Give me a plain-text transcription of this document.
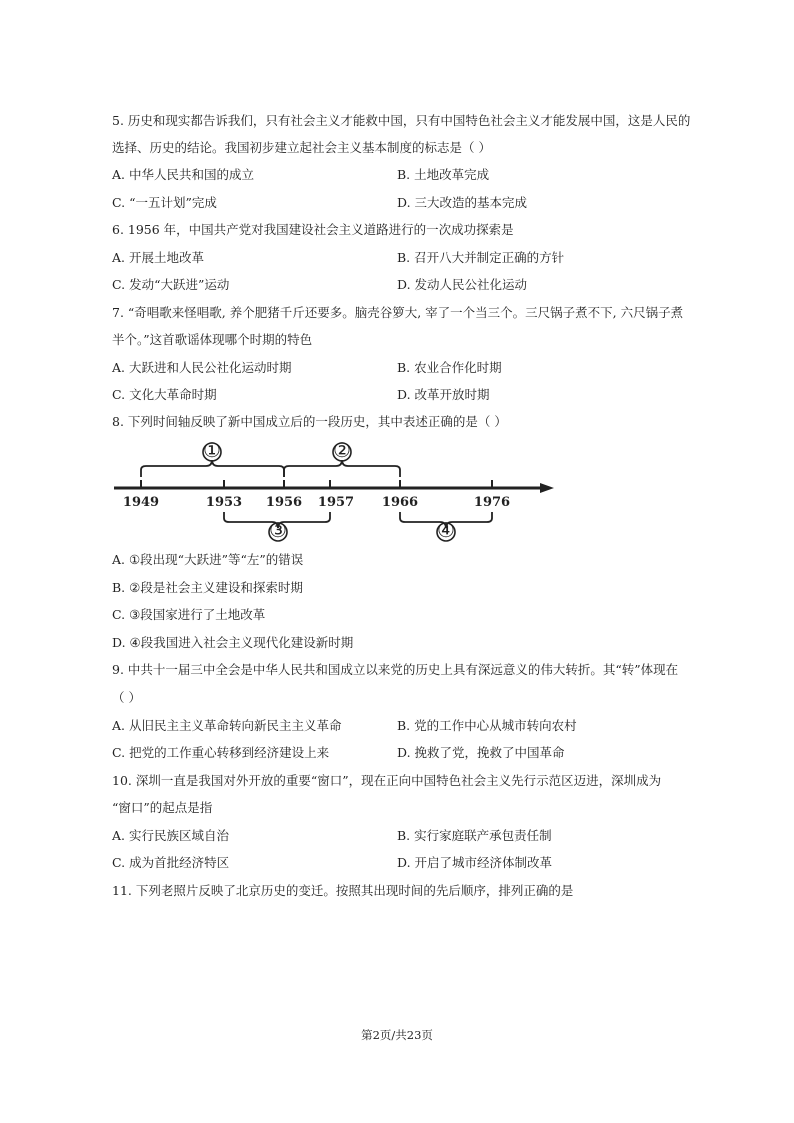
5. 历史和现实都告诉我们，只有社会主义才能救中国，只有中国特色社会主义才能发展中国，这是人民的
选择、历史的结论。我国初步建立起社会主义基本制度的标志是（ ）
A. 中华人民共和国的成立	B. 土地改革完成
C. “一五计划”完成	D. 三大改造的基本完成
6. 1956 年，中国共产党对我国建设社会主义道路进行的一次成功探索是
A. 开展土地改革	B. 召开八大并制定正确的方针
C. 发动“大跃进”运动	D. 发动人民公社化运动
7. “奇唱歌来怪唱歌, 养个肥猪千斤还要多。脑壳谷箩大, 宰了一个当三个。三尺锅子煮不下, 六尺锅子煮
半个。”这首歌谣体现哪个时期的特色
A. 大跃进和人民公社化运动时期	B. 农业合作化时期
C. 文化大革命时期	D. 改革开放时期
8. 下列时间轴反映了新中国成立后的一段历史，其中表述正确的是（ ）
1949	1953 1956 1957 1966	1976
①	②
③	④
A. ①段出现“大跃进”等“左”的错误
B. ②段是社会主义建设和探索时期
C. ③段国家进行了土地改革
D. ④段我国进入社会主义现代化建设新时期
9. 中共十一届三中全会是中华人民共和国成立以来党的历史上具有深远意义的伟大转折。其“转”体现在
（ ）
A. 从旧民主主义革命转向新民主主义革命	B. 党的工作中心从城市转向农村
C. 把党的工作重心转移到经济建设上来	D. 挽救了党，挽救了中国革命
10. 深圳一直是我国对外开放的重要“窗口”，现在正向中国特色社会主义先行示范区迈进，深圳成为
“窗口”的起点是指
A. 实行民族区域自治	B. 实行家庭联产承包责任制
C. 成为首批经济特区	D. 开启了城市经济体制改革
11. 下列老照片反映了北京历史的变迁。按照其出现时间的先后顺序，排列正确的是
第2页/共23页
